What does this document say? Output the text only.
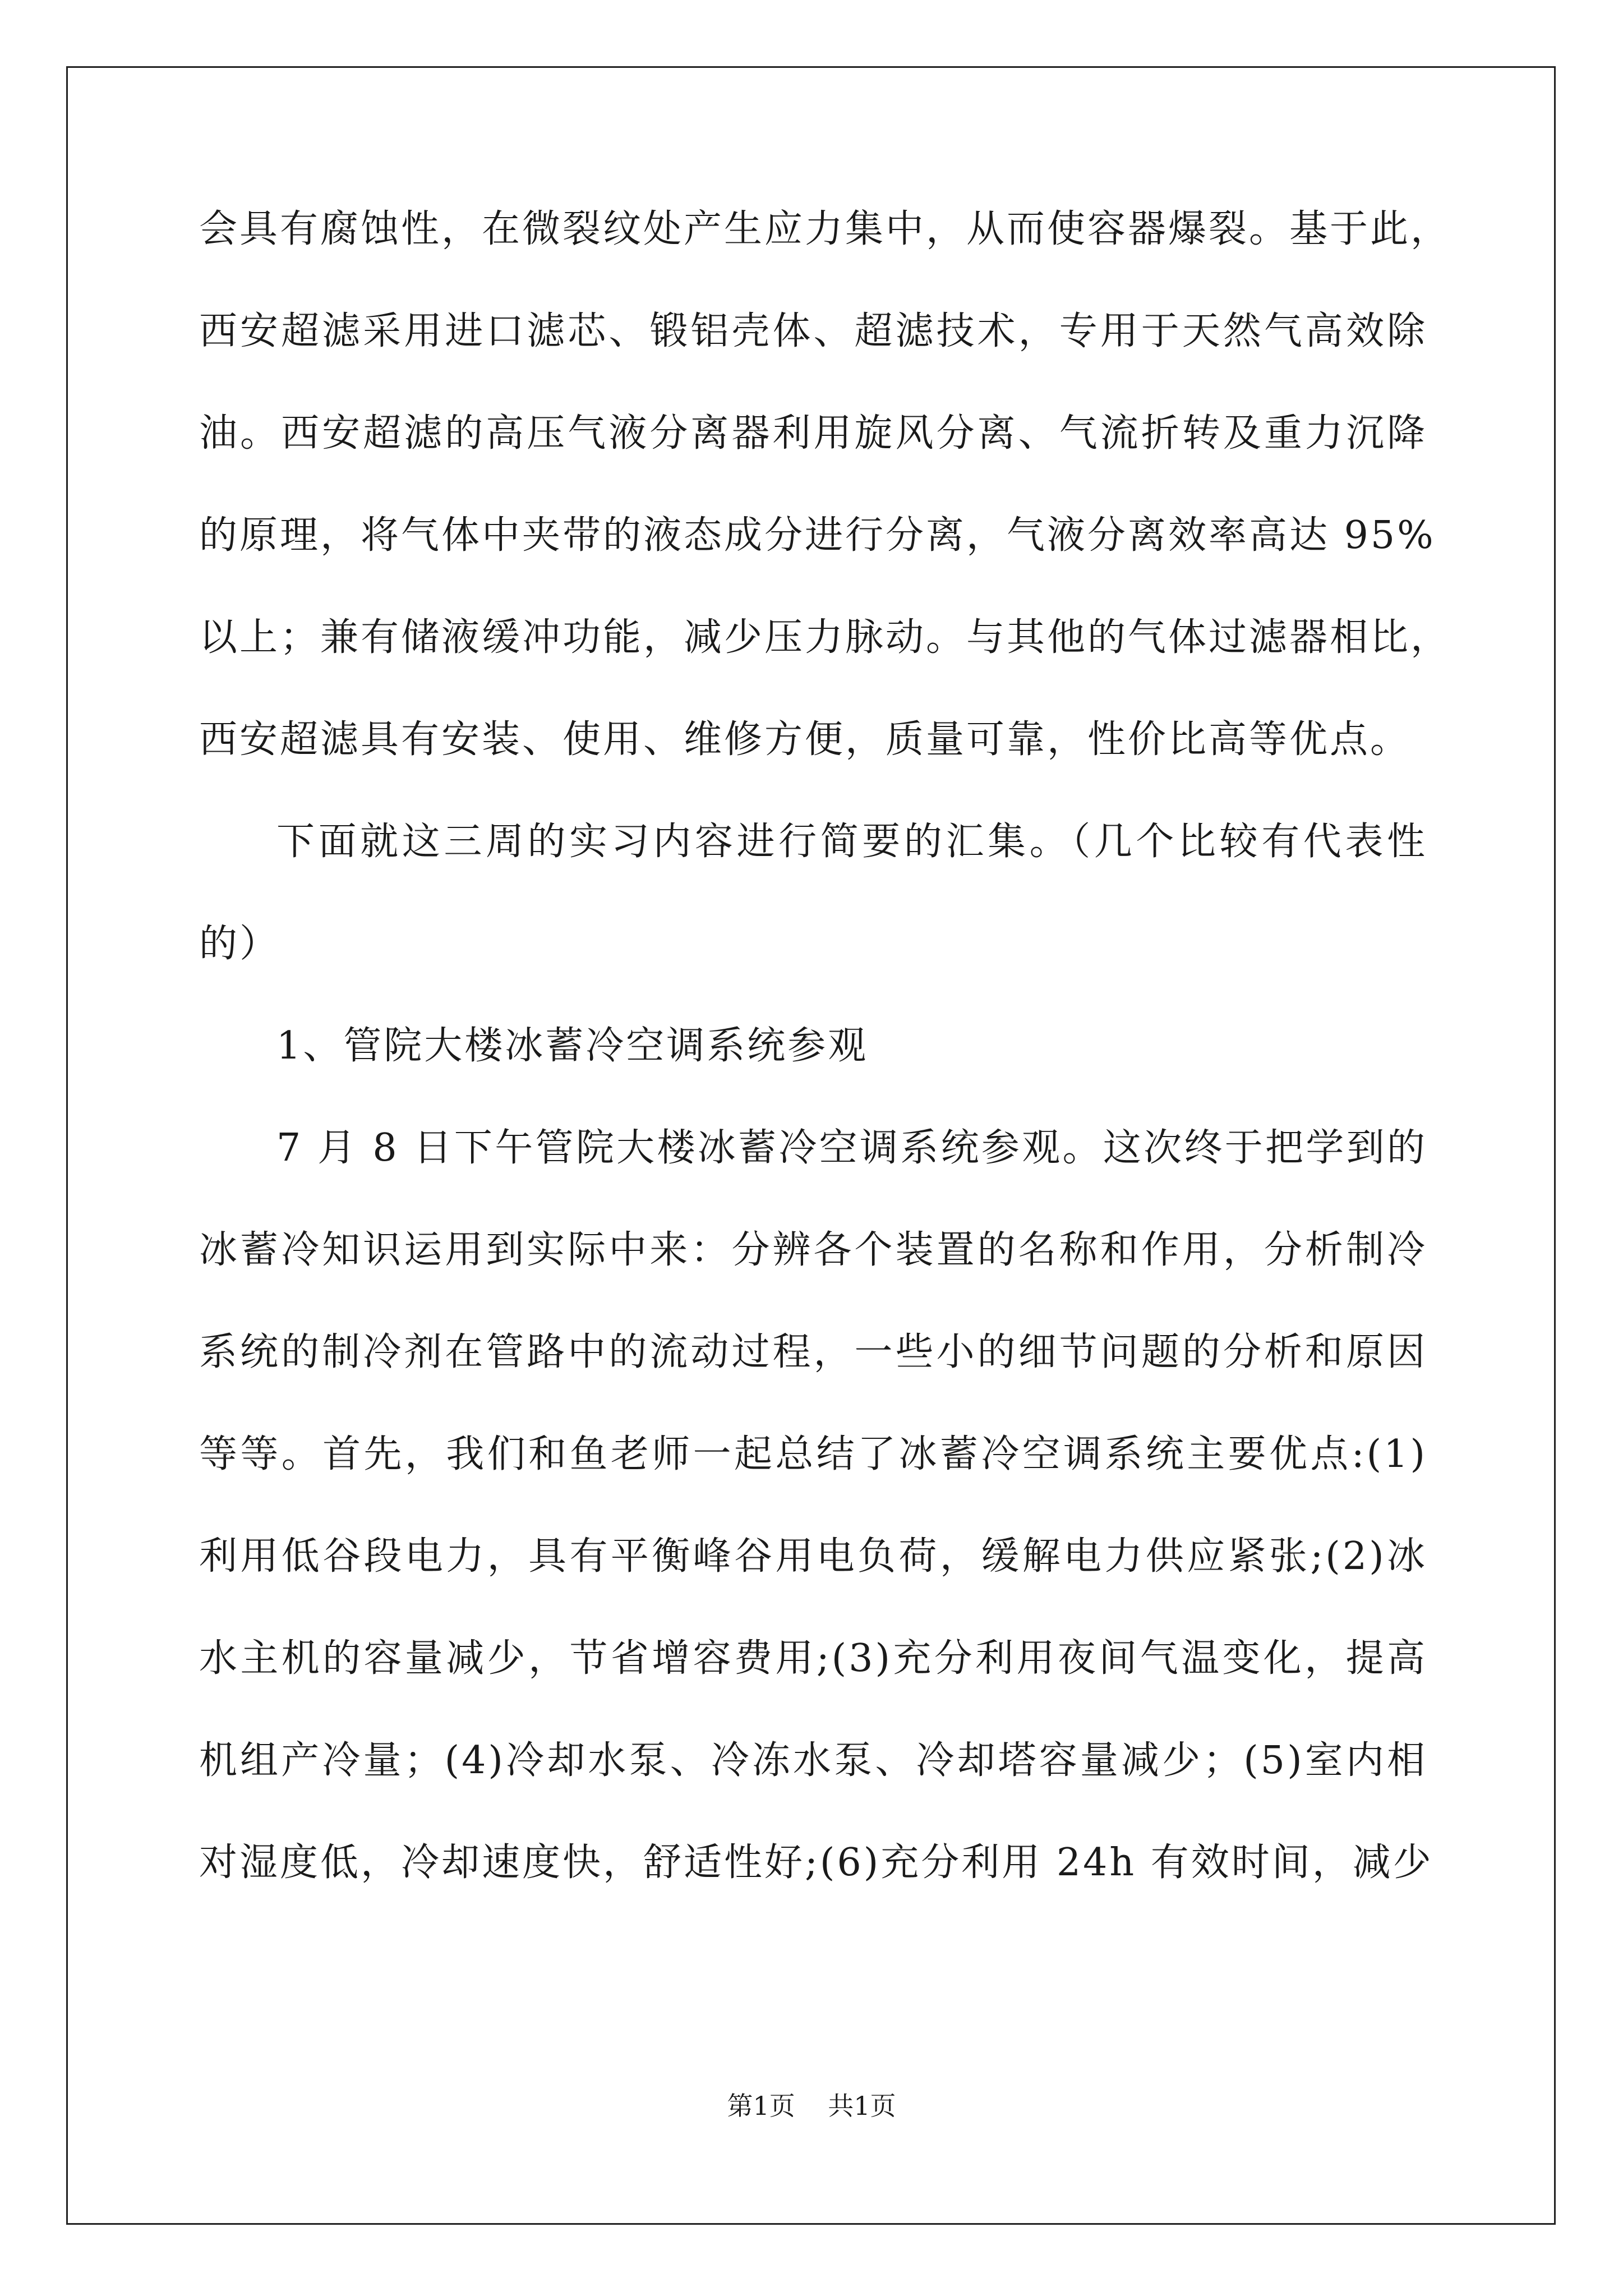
会具有腐蚀性，在微裂纹处产生应力集中，从而使容器爆裂。基于此，
西安超滤采用进口滤芯、锻铝壳体、超滤技术，专用于天然气高效除
油。西安超滤的高压气液分离器利用旋风分离、气流折转及重力沉降
的原理，将气体中夹带的液态成分进行分离，气液分离效率高达 95%
以上；兼有储液缓冲功能，减少压力脉动。与其他的气体过滤器相比，
西安超滤具有安装、使用、维修方便，质量可靠，性价比高等优点。
下面就这三周的实习内容进行简要的汇集。（几个比较有代表性
的）
1、管院大楼冰蓄冷空调系统参观
7 月 8 日下午管院大楼冰蓄冷空调系统参观。这次终于把学到的
冰蓄冷知识运用到实际中来：分辨各个装置的名称和作用，分析制冷
系统的制冷剂在管路中的流动过程，一些小的细节问题的分析和原因
等等。首先，我们和鱼老师一起总结了冰蓄冷空调系统主要优点:(1)
利用低谷段电力，具有平衡峰谷用电负荷，缓解电力供应紧张;(2)冰
水主机的容量减少，节省增容费用;(3)充分利用夜间气温变化，提高
机组产冷量；(4)冷却水泵、冷冻水泵、冷却塔容量减少；(5)室内相
对湿度低，冷却速度快，舒适性好;(6)充分利用 24h 有效时间，减少
第1页    共1页
